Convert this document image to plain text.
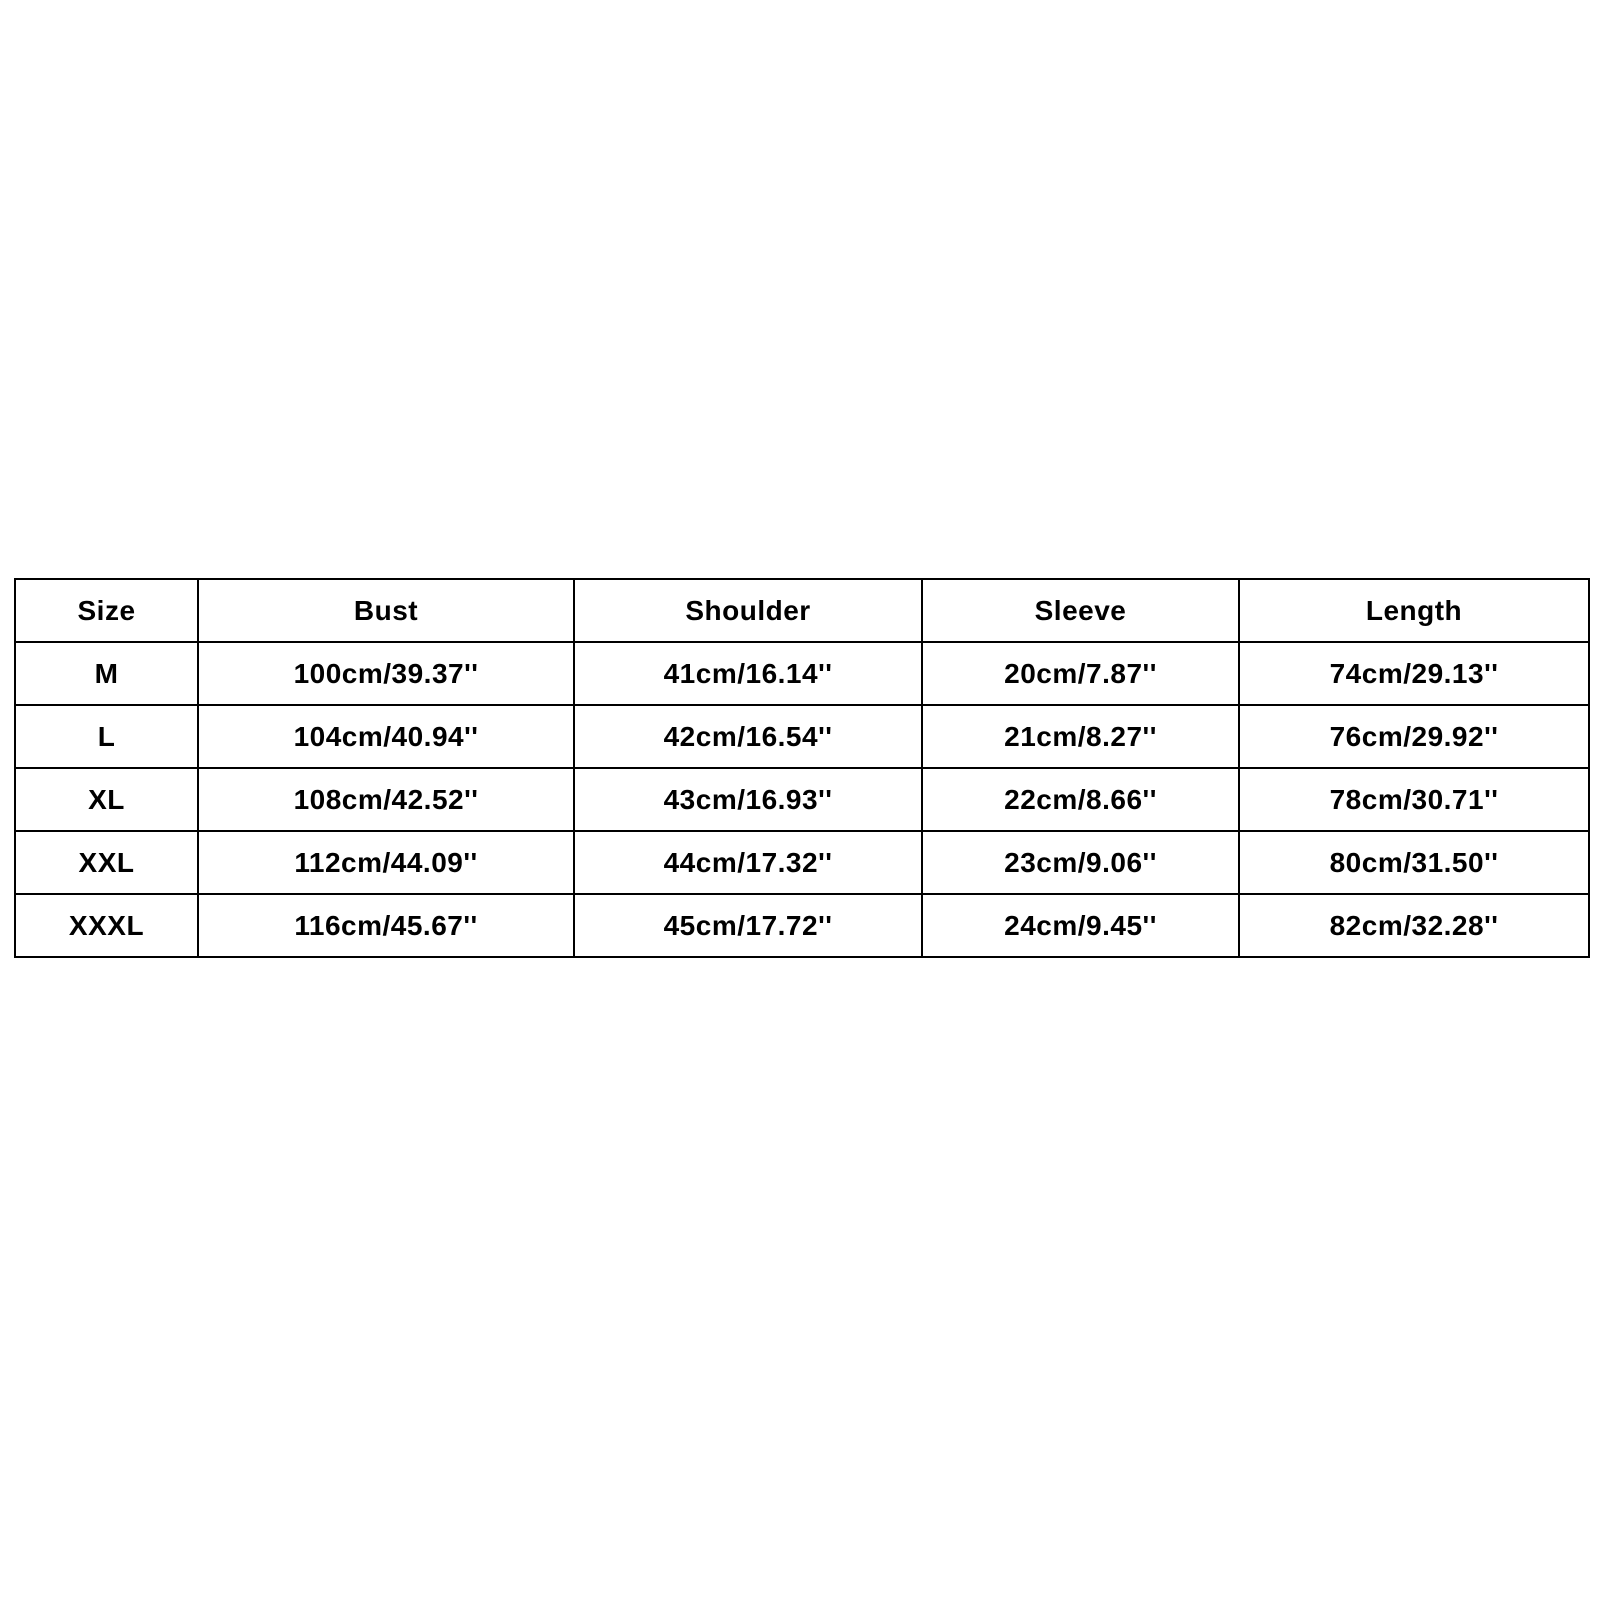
Size	Bust	Shoulder	Sleeve	Length
M	100cm/39.37''	41cm/16.14''	20cm/7.87''	74cm/29.13''
L	104cm/40.94''	42cm/16.54''	21cm/8.27''	76cm/29.92''
XL	108cm/42.52''	43cm/16.93''	22cm/8.66''	78cm/30.71''
XXL	112cm/44.09''	44cm/17.32''	23cm/9.06''	80cm/31.50''
XXXL	116cm/45.67''	45cm/17.72''	24cm/9.45''	82cm/32.28''
